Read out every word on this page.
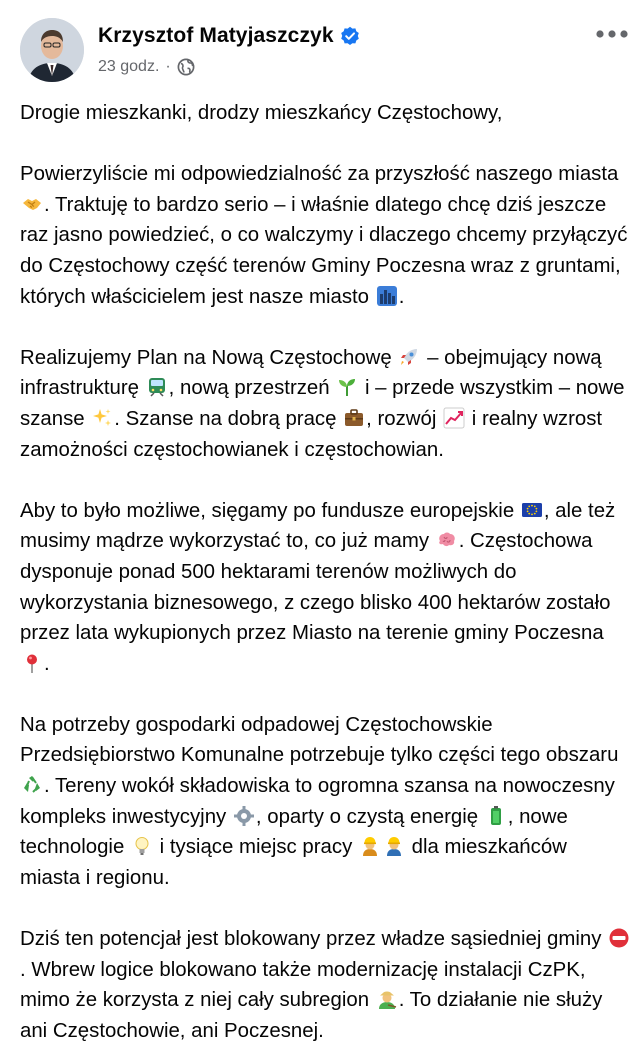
Krzysztof Matyjaszczyk
23 godz. ·

Drogie mieszkanki, drodzy mieszkańcy Częstochowy,

Powierzyliście mi odpowiedzialność za przyszłość naszego miasta
. Traktuję to bardzo serio – i właśnie dlatego chcę dziś jeszcze raz jasno powiedzieć, o co walczymy i dlaczego chcemy przyłączyć do Częstochowy część terenów Gminy Poczesna wraz z gruntami, których właścicielem jest nasze miasto .

Realizujemy Plan na Nową Częstochowę – obejmujący nową infrastrukturę , nową przestrzeń i – przede wszystkim – nowe szanse . Szanse na dobrą pracę , rozwój i realny wzrost zamożności częstochowianek i częstochowian.

Aby to było możliwe, sięgamy po fundusze europejskie , ale też musimy mądrze wykorzystać to, co już mamy . Częstochowa dysponuje ponad 500 hektarami terenów możliwych do wykorzystania biznesowego, z czego blisko 400 hektarów zostało przez lata wykupionych przez Miasto na terenie gminy Poczesna
.

Na potrzeby gospodarki odpadowej Częstochowskie Przedsiębiorstwo Komunalne potrzebuje tylko części tego obszaru
. Tereny wokół składowiska to ogromna szansa na nowoczesny kompleks inwestycyjny , oparty o czystą energię , nowe technologie i tysiące miejsc pracy	dla mieszkańców miasta i regionu.

Dziś ten potencjał jest blokowany przez władze sąsiedniej gminy
. Wbrew logice blokowano także modernizację instalacji CzPK, mimo że korzysta z niej cały subregion . To działanie nie służy ani Częstochowie, ani Poczesnej.
